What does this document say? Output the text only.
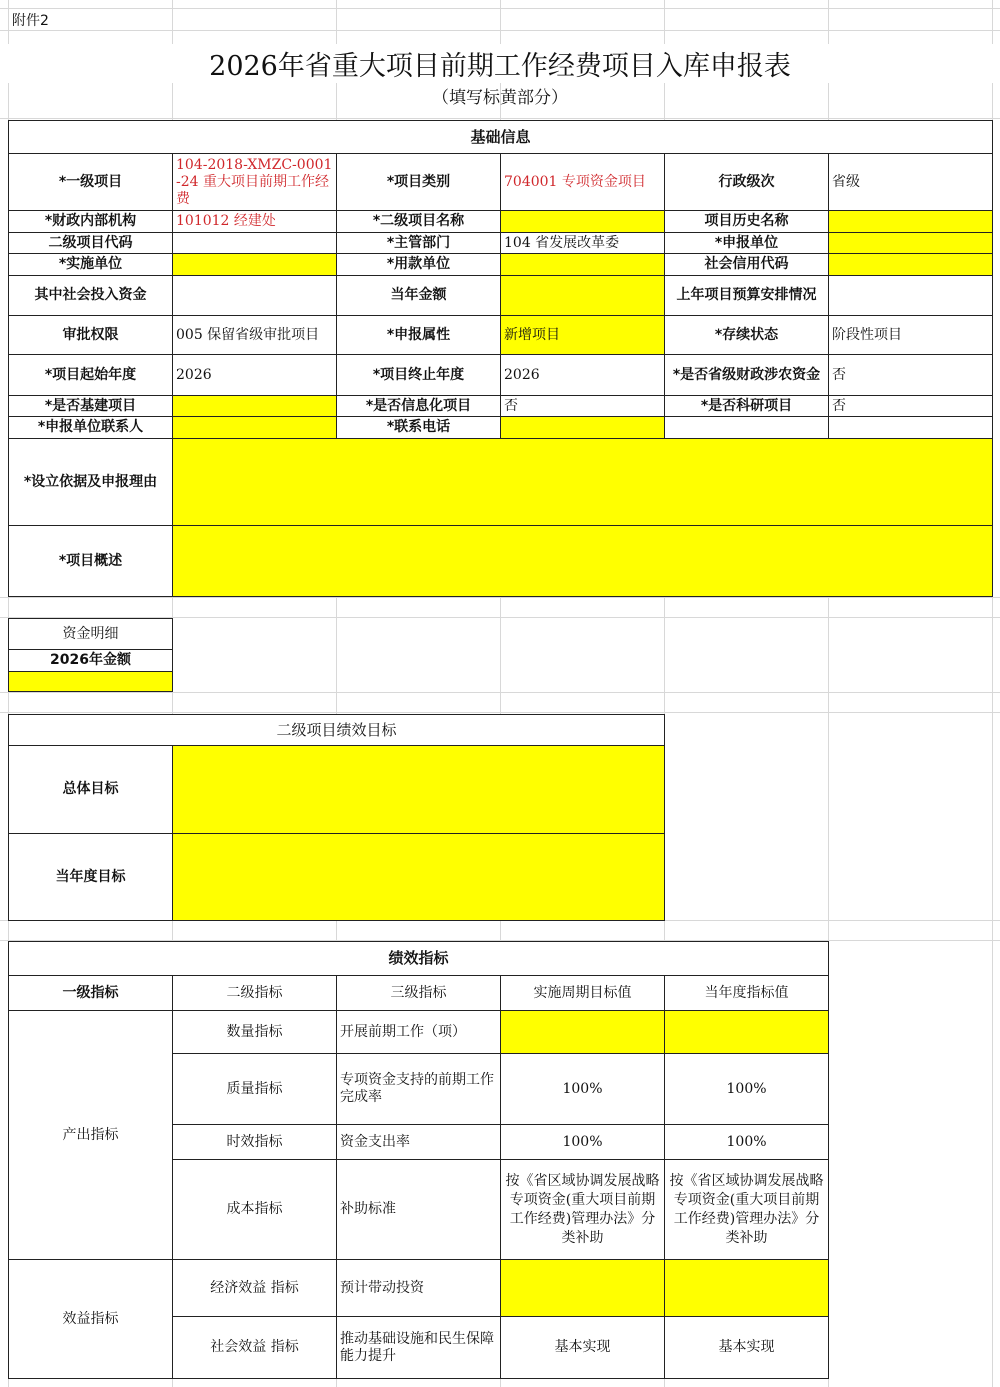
附件2
2026年省重大项目前期工作经费项目入库申报表
（填写标黄部分）
基础信息					
*一级项目	104-2018-XMZC-0001-24 重大项目前期工作经费	*项目类别	704001 专项资金项目	行政级次	省级
*财政内部机构	101012 经建处	*二级项目名称		项目历史名称	
二级项目代码		*主管部门	104 省发展改革委	*申报单位	
*实施单位		*用款单位		社会信用代码	
其中社会投入资金		当年金额		上年项目预算安排情况	
审批权限	005 保留省级审批项目	*申报属性	新增项目	*存续状态	阶段性项目
*项目起始年度	2026	*项目终止年度	2026	*是否省级财政涉农资金	否
*是否基建项目		*是否信息化项目	否	*是否科研项目	否
*申报单位联系人		*联系电话			
*设立依据及申报理由					
*项目概述					
资金明细
2026年金额

二级项目绩效目标	
总体目标	
当年度目标	
绩效指标				
一级指标	二级指标	三级指标	实施周期目标值	当年度指标值
产出指标	数量指标	开展前期工作（项）		
	质量指标	专项资金支持的前期工作完成率	100%	100%
	时效指标	资金支出率	100%	100%
	成本指标	补助标准	按《省区域协调发展战略专项资金(重大项目前期工作经费)管理办法》分类补助	按《省区域协调发展战略专项资金(重大项目前期工作经费)管理办法》分类补助
效益指标	经济效益 指标	预计带动投资		
	社会效益 指标	推动基础设施和民生保障能力提升	基本实现	基本实现
